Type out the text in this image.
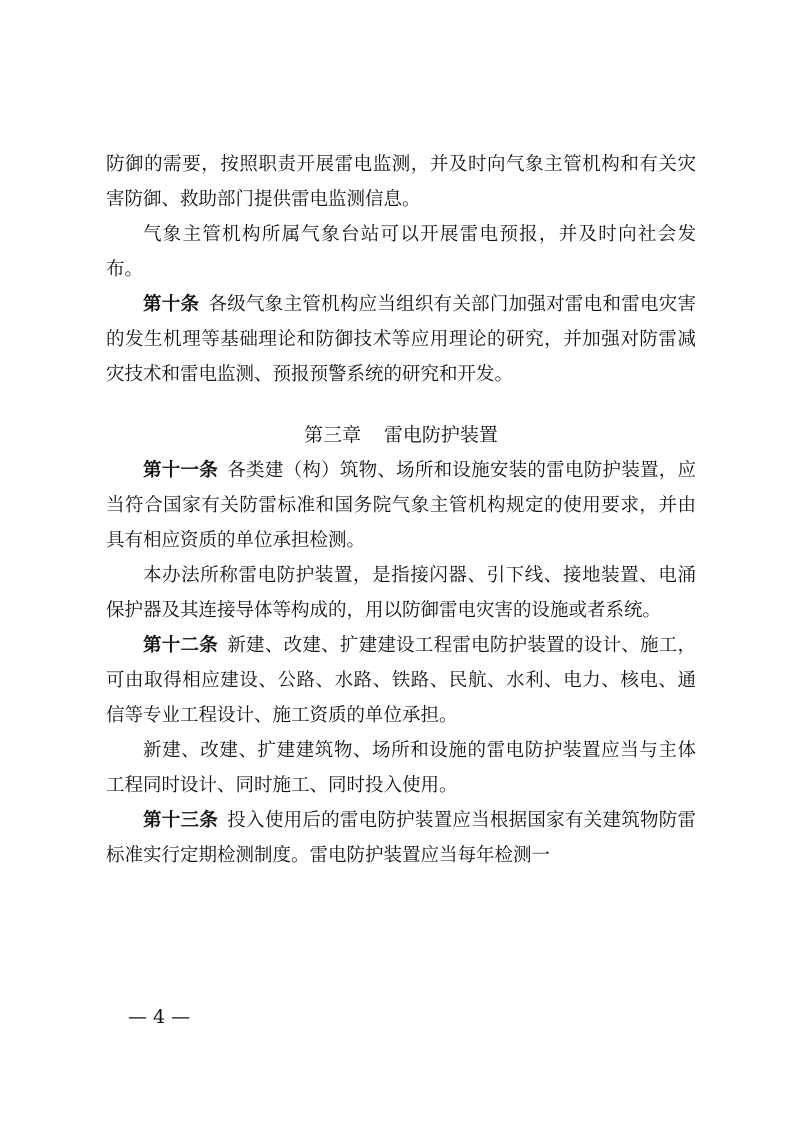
防御的需要，按照职责开展雷电监测，并及时向气象主管机构和有关灾害防御、救助部门提供雷电监测信息。

气象主管机构所属气象台站可以开展雷电预报，并及时向社会发布。

第十条 各级气象主管机构应当组织有关部门加强对雷电和雷电灾害的发生机理等基础理论和防御技术等应用理论的研究，并加强对防雷减灾技术和雷电监测、预报预警系统的研究和开发。

第三章 雷电防护装置

第十一条 各类建（构）筑物、场所和设施安装的雷电防护装置，应当符合国家有关防雷标准和国务院气象主管机构规定的使用要求，并由具有相应资质的单位承担检测。

本办法所称雷电防护装置，是指接闪器、引下线、接地装置、电涌保护器及其连接导体等构成的，用以防御雷电灾害的设施或者系统。

第十二条 新建、改建、扩建建设工程雷电防护装置的设计、施工，可由取得相应建设、公路、水路、铁路、民航、水利、电力、核电、通信等专业工程设计、施工资质的单位承担。

新建、改建、扩建建筑物、场所和设施的雷电防护装置应当与主体工程同时设计、同时施工、同时投入使用。

第十三条 投入使用后的雷电防护装置应当根据国家有关建筑物防雷标准实行定期检测制度。雷电防护装置应当每年检测一

— 4 —
